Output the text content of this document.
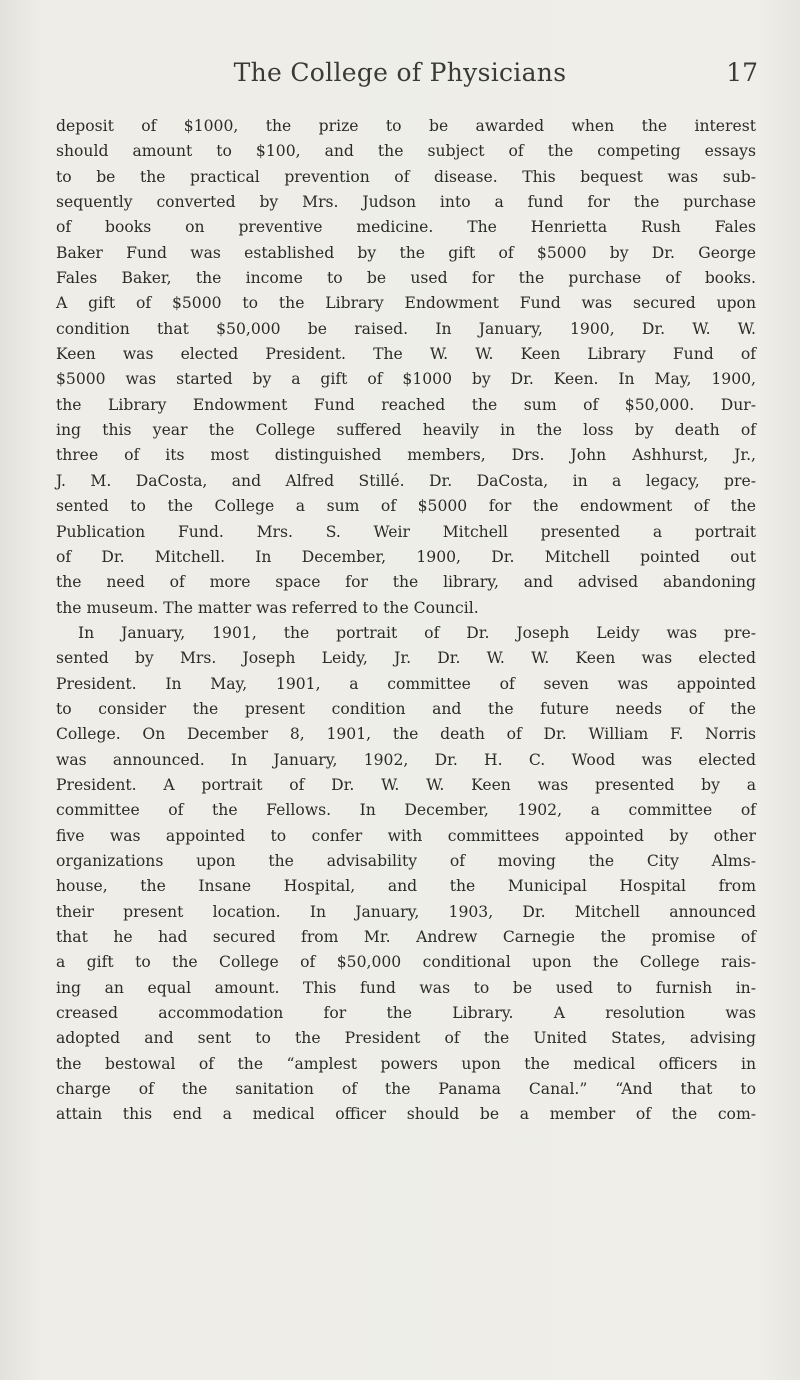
The College of Physicians	17
deposit of $1000, the prize to be awarded when the interest
should amount to $100, and the subject of the competing essays
to be the practical prevention of disease. This bequest was sub-
sequently converted by Mrs. Judson into a fund for the purchase
of books on preventive medicine. The Henrietta Rush Fales
Baker Fund was established by the gift of $5000 by Dr. George
Fales Baker, the income to be used for the purchase of books.
A gift of $5000 to the Library Endowment Fund was secured upon
condition that $50,000 be raised. In January, 1900, Dr. W. W.
Keen was elected President. The W. W. Keen Library Fund of
$5000 was started by a gift of $1000 by Dr. Keen. In May, 1900,
the Library Endowment Fund reached the sum of $50,000. Dur-
ing this year the College suffered heavily in the loss by death of
three of its most distinguished members, Drs. John Ashhurst, Jr.,
J. M. DaCosta, and Alfred Stillé. Dr. DaCosta, in a legacy, pre-
sented to the College a sum of $5000 for the endowment of the
Publication Fund. Mrs. S. Weir Mitchell presented a portrait
of Dr. Mitchell. In December, 1900, Dr. Mitchell pointed out
the need of more space for the library, and advised abandoning
the museum. The matter was referred to the Council.
In January, 1901, the portrait of Dr. Joseph Leidy was pre-
sented by Mrs. Joseph Leidy, Jr. Dr. W. W. Keen was elected
President. In May, 1901, a committee of seven was appointed
to consider the present condition and the future needs of the
College. On December 8, 1901, the death of Dr. William F. Norris
was announced. In January, 1902, Dr. H. C. Wood was elected
President. A portrait of Dr. W. W. Keen was presented by a
committee of the Fellows. In December, 1902, a committee of
five was appointed to confer with committees appointed by other
organizations upon the advisability of moving the City Alms-
house, the Insane Hospital, and the Municipal Hospital from
their present location. In January, 1903, Dr. Mitchell announced
that he had secured from Mr. Andrew Carnegie the promise of
a gift to the College of $50,000 conditional upon the College rais-
ing an equal amount. This fund was to be used to furnish in-
creased accommodation for the Library. A resolution was
adopted and sent to the President of the United States, advising
the bestowal of the “amplest powers upon the medical officers in
charge of the sanitation of the Panama Canal.” “And that to
attain this end a medical officer should be a member of the com-
